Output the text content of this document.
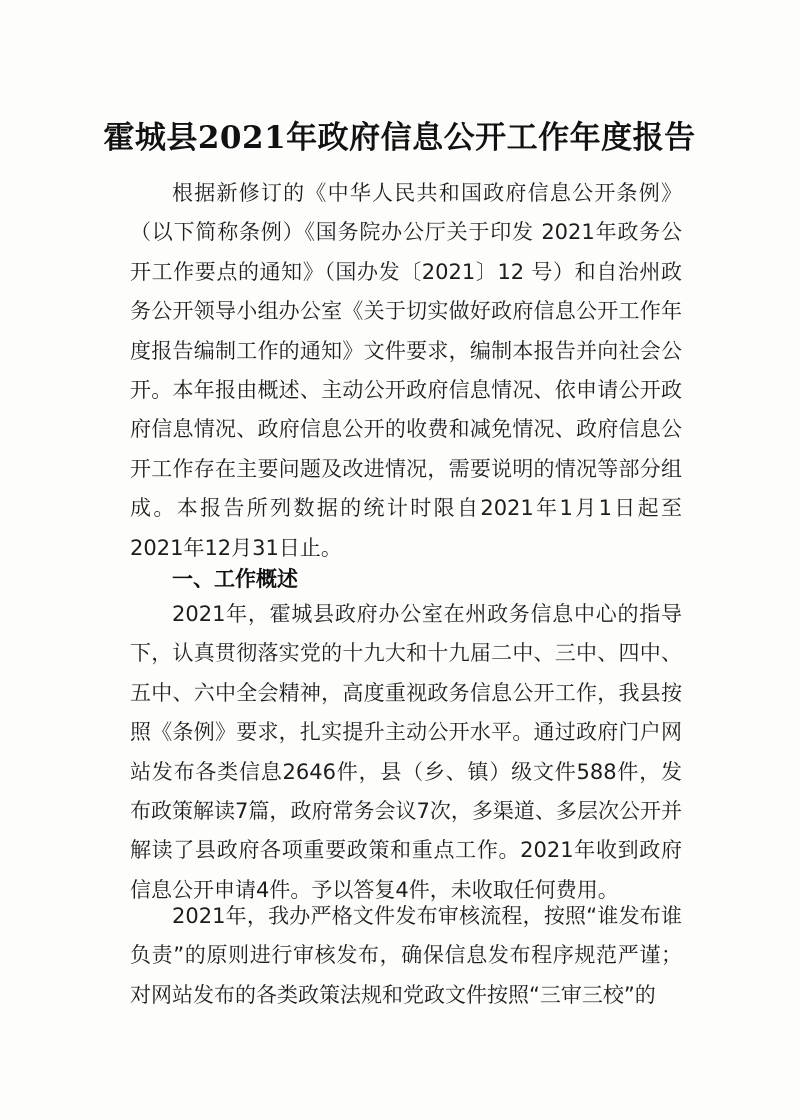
霍城县2021年政府信息公开工作年度报告

根据新修订的《中华人民共和国政府信息公开条例》（以下简称条例）《国务院办公厅关于印发 2021年政务公开工作要点的通知》（国办发〔2021〕12 号）和自治州政务公开领导小组办公室《关于切实做好政府信息公开工作年度报告编制工作的通知》文件要求，编制本报告并向社会公开。本年报由概述、主动公开政府信息情况、依申请公开政府信息情况、政府信息公开的收费和减免情况、政府信息公开工作存在主要问题及改进情况，需要说明的情况等部分组成。本报告所列数据的统计时限自2021年1月1日起至2021年12月31日止。

一、工作概述

2021年，霍城县政府办公室在州政务信息中心的指导下，认真贯彻落实党的十九大和十九届二中、三中、四中、五中、六中全会精神，高度重视政务信息公开工作，我县按照《条例》要求，扎实提升主动公开水平。通过政府门户网站发布各类信息2646件，县（乡、镇）级文件588件，发布政策解读7篇，政府常务会议7次，多渠道、多层次公开并解读了县政府各项重要政策和重点工作。2021年收到政府信息公开申请4件。予以答复4件，未收取任何费用。

2021年，我办严格文件发布审核流程，按照“谁发布谁负责”的原则进行审核发布，确保信息发布程序规范严谨；对网站发布的各类政策法规和党政文件按照“三审三校”的
